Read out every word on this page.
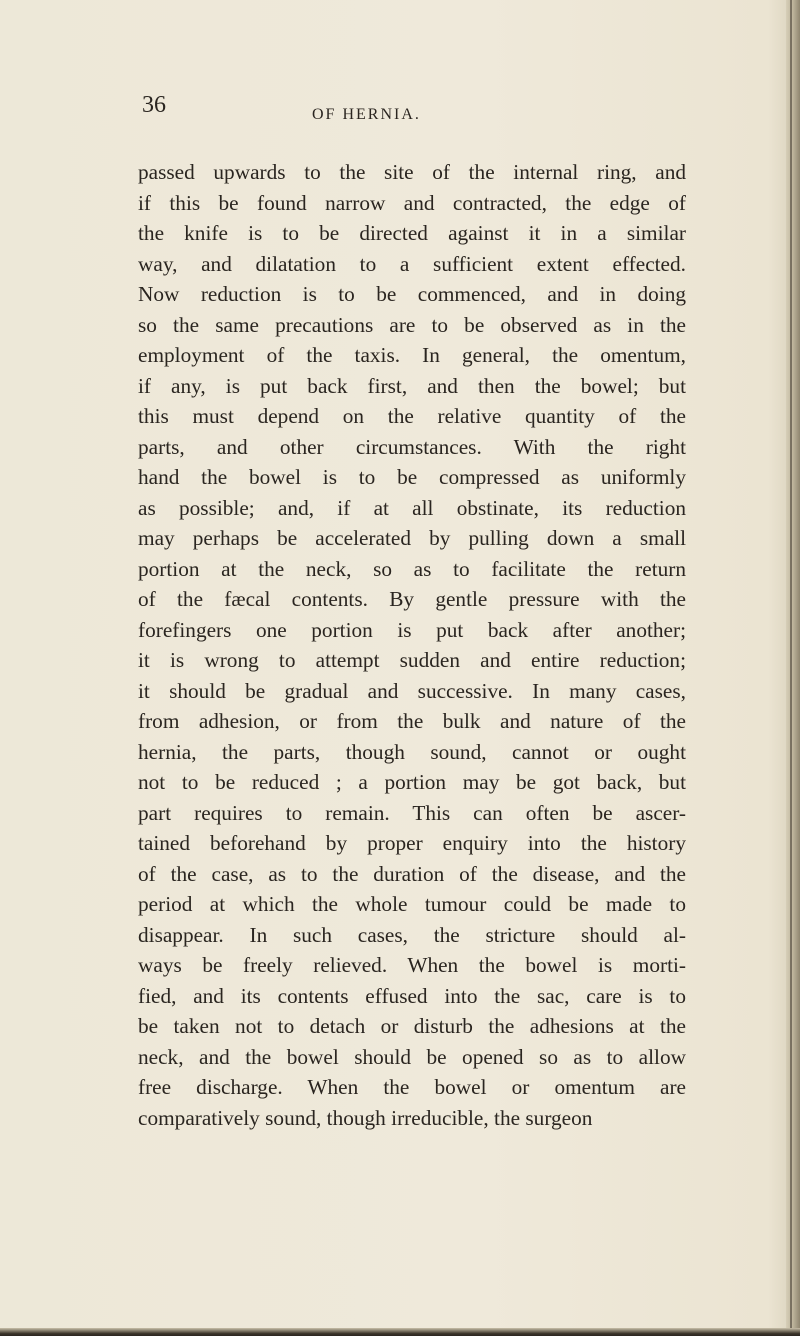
36	OF HERNIA.
passed upwards to the site of the internal ring, and
if this be found narrow and contracted, the edge of
the knife is to be directed against it in a similar
way, and dilatation to a sufficient extent effected.
Now reduction is to be commenced, and in doing
so the same precautions are to be observed as in the
employment of the taxis. In general, the omentum,
if any, is put back first, and then the bowel; but
this must depend on the relative quantity of the
parts, and other circumstances. With the right
hand the bowel is to be compressed as uniformly
as possible; and, if at all obstinate, its reduction
may perhaps be accelerated by pulling down a small
portion at the neck, so as to facilitate the return
of the fæcal contents. By gentle pressure with the
forefingers one portion is put back after another;
it is wrong to attempt sudden and entire reduction;
it should be gradual and successive. In many cases,
from adhesion, or from the bulk and nature of the
hernia, the parts, though sound, cannot or ought
not to be reduced ; a portion may be got back, but
part requires to remain. This can often be ascer-
tained beforehand by proper enquiry into the history
of the case, as to the duration of the disease, and the
period at which the whole tumour could be made to
disappear. In such cases, the stricture should al-
ways be freely relieved. When the bowel is morti-
fied, and its contents effused into the sac, care is to
be taken not to detach or disturb the adhesions at the
neck, and the bowel should be opened so as to allow
free discharge. When the bowel or omentum are
comparatively sound, though irreducible, the surgeon
